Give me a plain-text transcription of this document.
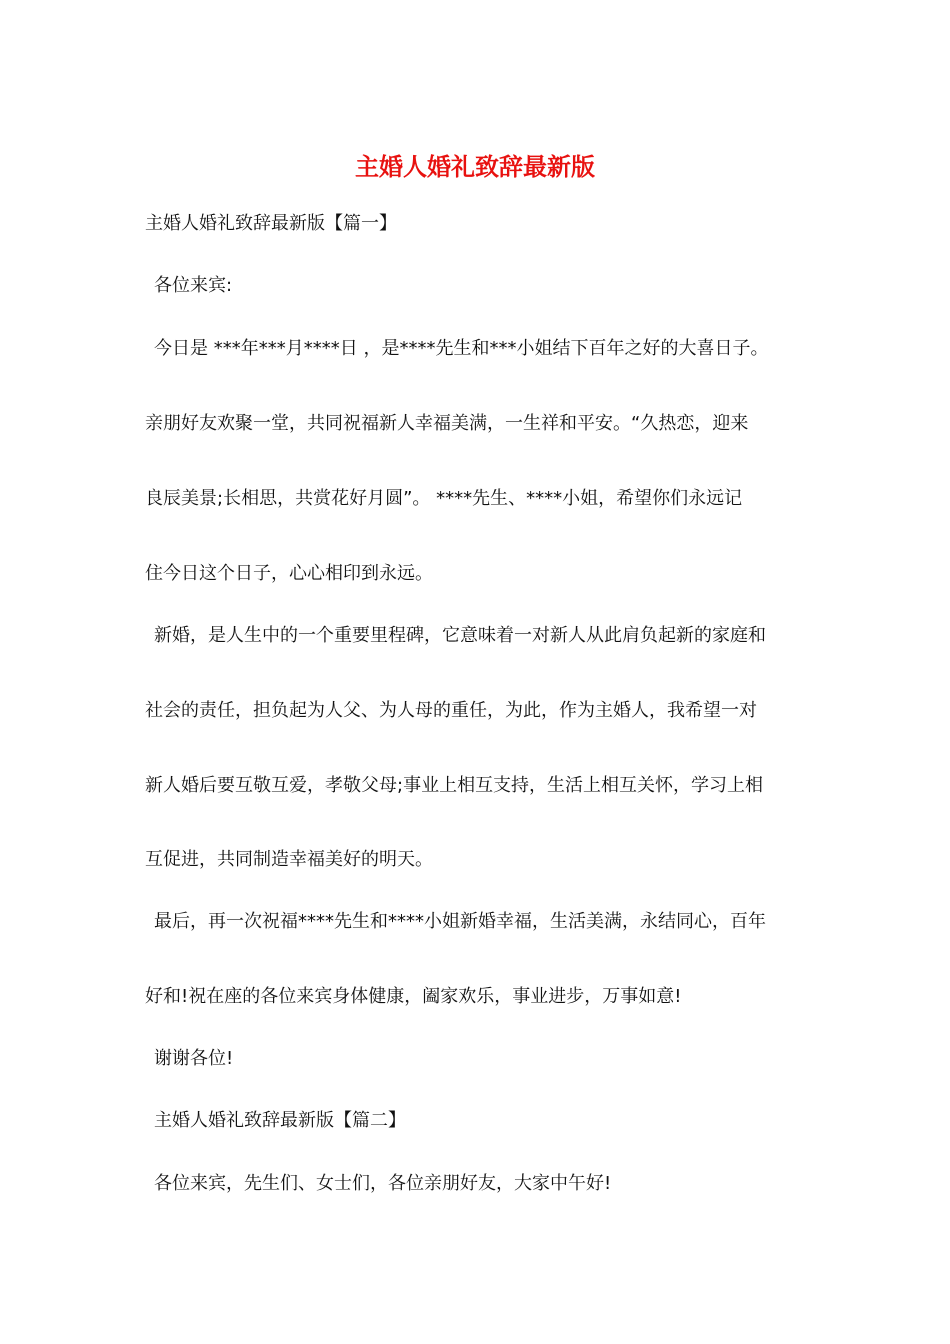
主婚人婚礼致辞最新版
主婚人婚礼致辞最新版【篇一】
各位来宾:
今日是 ***年***月****日 ，是****先生和***小姐结下百年之好的大喜日子。
亲朋好友欢聚一堂，共同祝福新人幸福美满，一生祥和平安。“久热恋，迎来
良辰美景;长相思，共赏花好月圆”。 ****先生、****小姐，希望你们永远记
住今日这个日子，心心相印到永远。
新婚，是人生中的一个重要里程碑，它意味着一对新人从此肩负起新的家庭和
社会的责任，担负起为人父、为人母的重任，为此，作为主婚人，我希望一对
新人婚后要互敬互爱，孝敬父母;事业上相互支持，生活上相互关怀，学习上相
互促进，共同制造幸福美好的明天。
最后，再一次祝福****先生和****小姐新婚幸福，生活美满，永结同心，百年
好和!祝在座的各位来宾身体健康，阖家欢乐，事业进步，万事如意!
谢谢各位!
主婚人婚礼致辞最新版【篇二】
各位来宾，先生们、女士们，各位亲朋好友，大家中午好!
